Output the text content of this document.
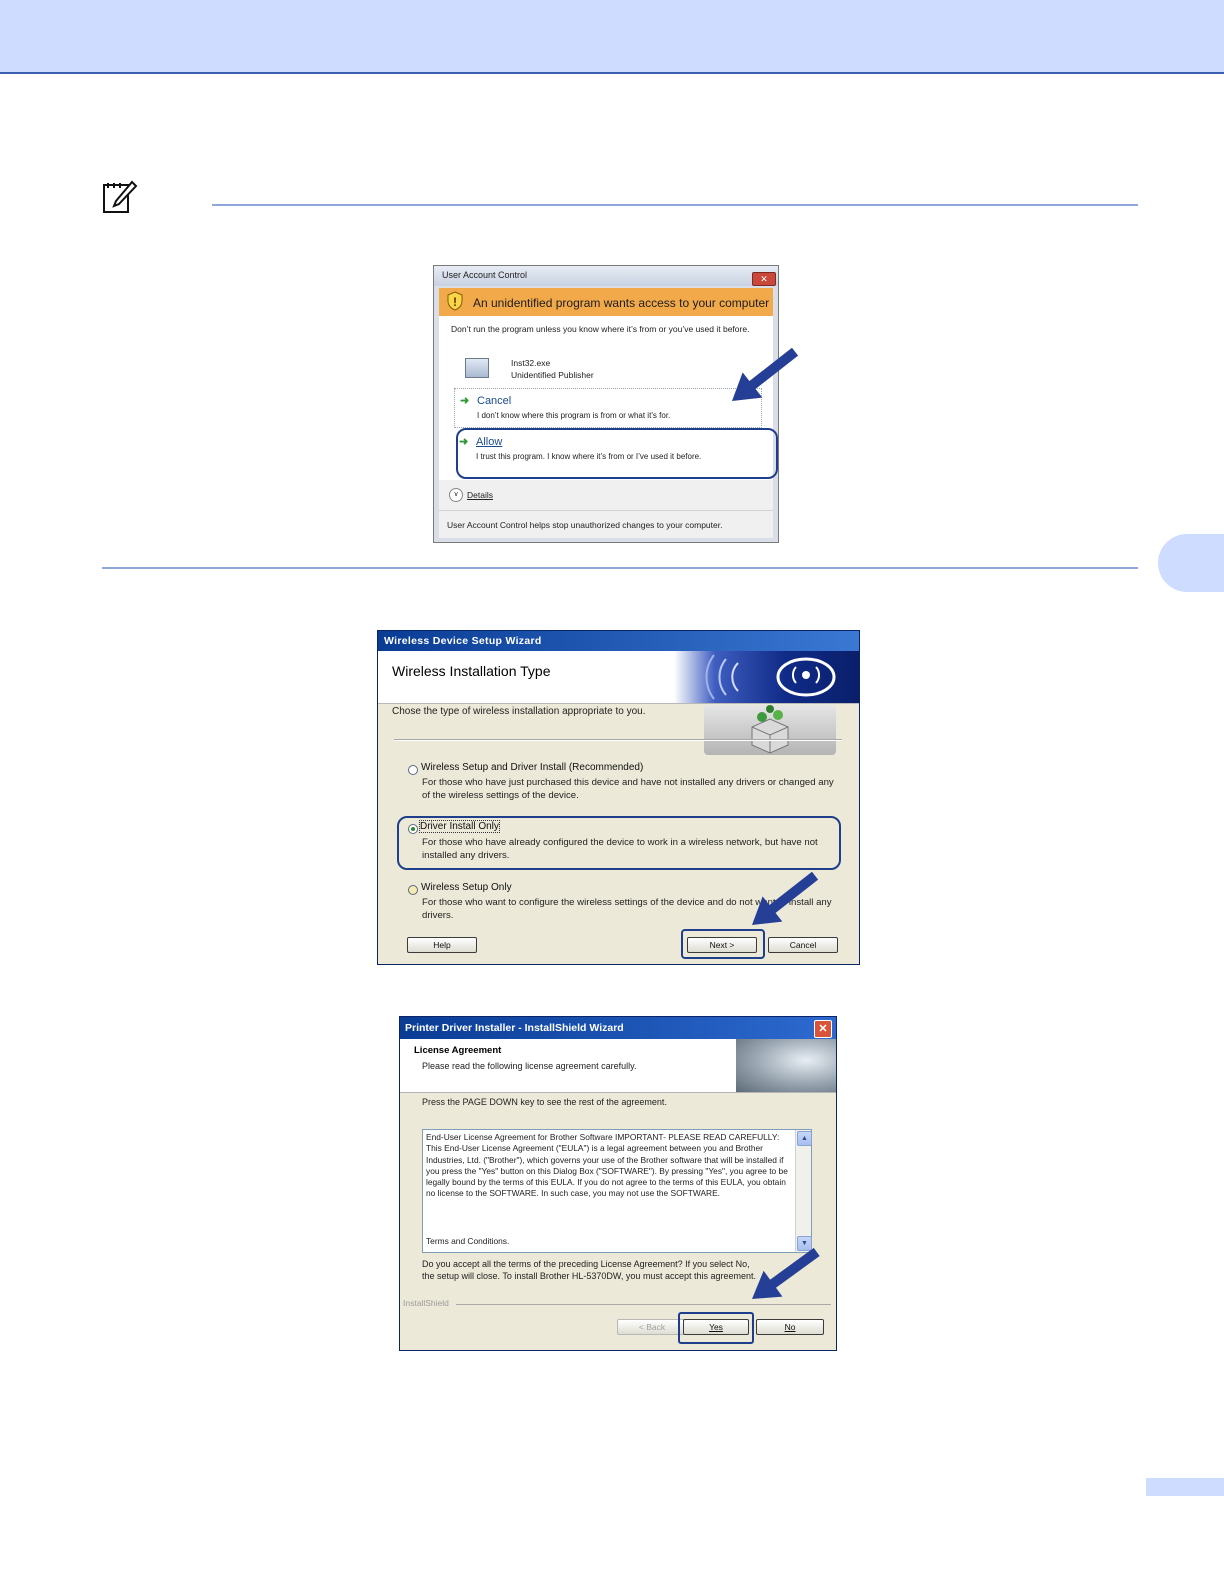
User Account Control	✕
! An unidentified program wants access to your computer
Don’t run the program unless you know where it’s from or you’ve used it before.
Inst32.exe
Unidentified Publisher
➜ Cancel
I don’t know where this program is from or what it’s for.
➜ Allow
I trust this program. I know where it’s from or I’ve used it before.
∨ Details
User Account Control helps stop unauthorized changes to your computer.
Wireless Device Setup Wizard
Wireless Installation Type
Chose the type of wireless installation appropriate to you.
Wireless Setup and Driver Install (Recommended)
For those who have just purchased this device and have not installed any drivers or changed any of the wireless settings of the device.
Driver Install Only
For those who have already configured the device to work in a wireless network, but have not installed any drivers.
Wireless Setup Only
For those who want to configure the wireless settings of the device and do not want to install any drivers.
Help	Next >	Cancel
Printer Driver Installer - InstallShield Wizard	✕
License Agreement
Please read the following license agreement carefully.
Press the PAGE DOWN key to see the rest of the agreement.
End-User License Agreement for Brother Software IMPORTANT- PLEASE READ CAREFULLY: This End-User License Agreement ("EULA") is a legal agreement between you and Brother Industries, Ltd. ("Brother"), which governs your use of the Brother software that will be installed if you press the "Yes" button on this Dialog Box ("SOFTWARE"). By pressing "Yes", you agree to be legally bound by the terms of this EULA. If you do not agree to the terms of this EULA, you obtain no license to the SOFTWARE. In such case, you may not use the SOFTWARE.
Terms and Conditions.
▲
▼
Do you accept all the terms of the preceding License Agreement? If you select No, the setup will close. To install Brother HL-5370DW, you must accept this agreement.
InstallShield
< Back	Yes	No
